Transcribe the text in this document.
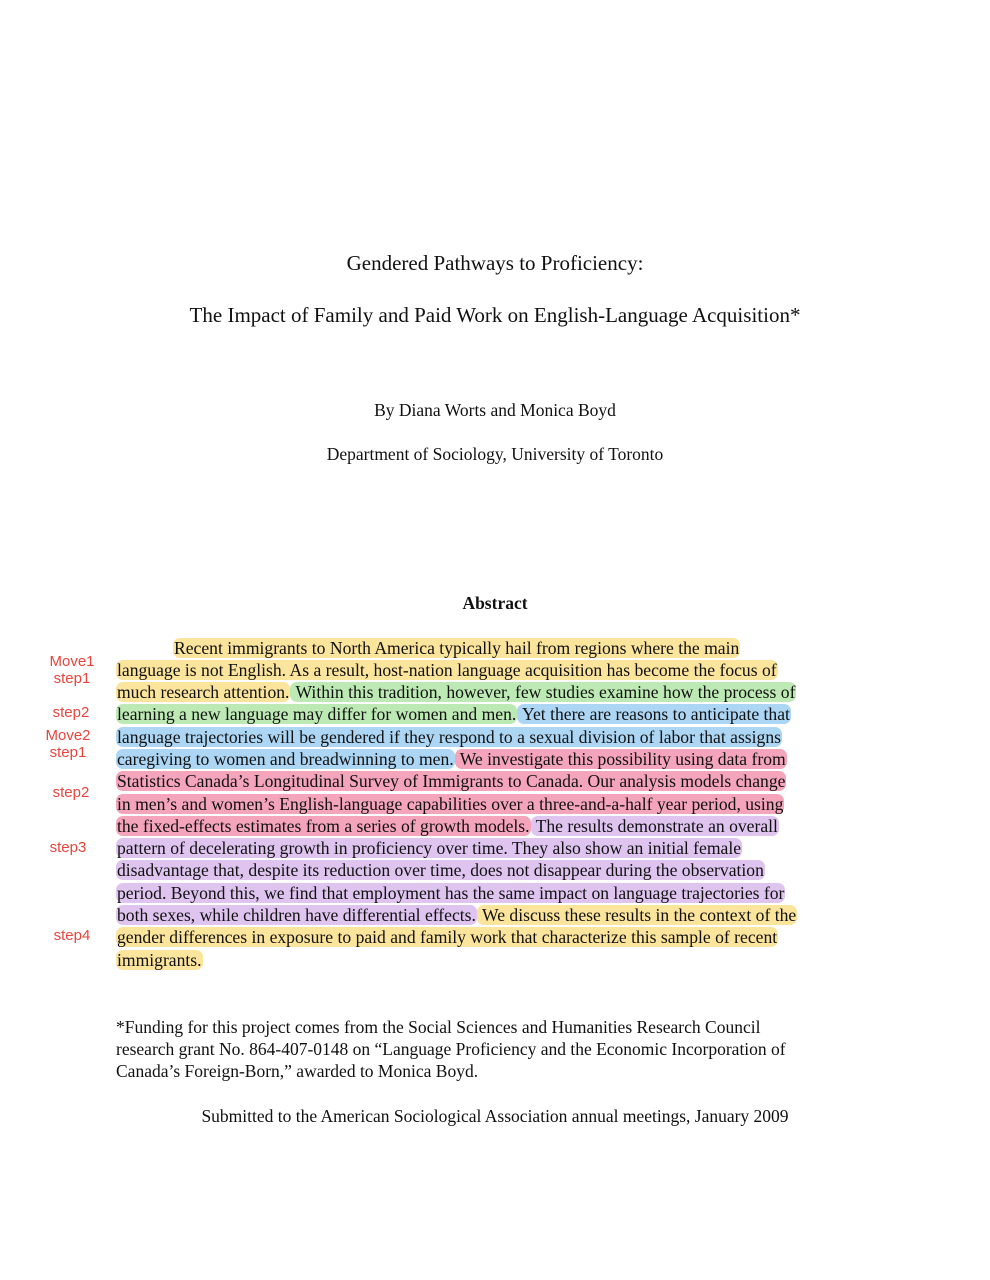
Gendered Pathways to Proficiency:
The Impact of Family and Paid Work on English-Language Acquisition*
By Diana Worts and Monica Boyd
Department of Sociology, University of Toronto
Abstract
Recent immigrants to North America typically hail from regions where the main
language is not English. As a result, host-nation language acquisition has become the focus of
much research attention. Within this tradition, however, few studies examine how the process of
learning a new language may differ for women and men. Yet there are reasons to anticipate that
language trajectories will be gendered if they respond to a sexual division of labor that assigns
caregiving to women and breadwinning to men. We investigate this possibility using data from
Statistics Canada’s Longitudinal Survey of Immigrants to Canada. Our analysis models change
in men’s and women’s English-language capabilities over a three-and-a-half year period, using
the fixed-effects estimates from a series of growth models. The results demonstrate an overall
pattern of decelerating growth in proficiency over time. They also show an initial female
disadvantage that, despite its reduction over time, does not disappear during the observation
period. Beyond this, we find that employment has the same impact on language trajectories for
both sexes, while children have differential effects. We discuss these results in the context of the
gender differences in exposure to paid and family work that characterize this sample of recent
immigrants.
Move1
step1
step2
Move2
step1
step2
step3
step4
*Funding for this project comes from the Social Sciences and Humanities Research Council
research grant No. 864-407-0148 on “Language Proficiency and the Economic Incorporation of
Canada’s Foreign-Born,” awarded to Monica Boyd.
Submitted to the American Sociological Association annual meetings, January 2009
